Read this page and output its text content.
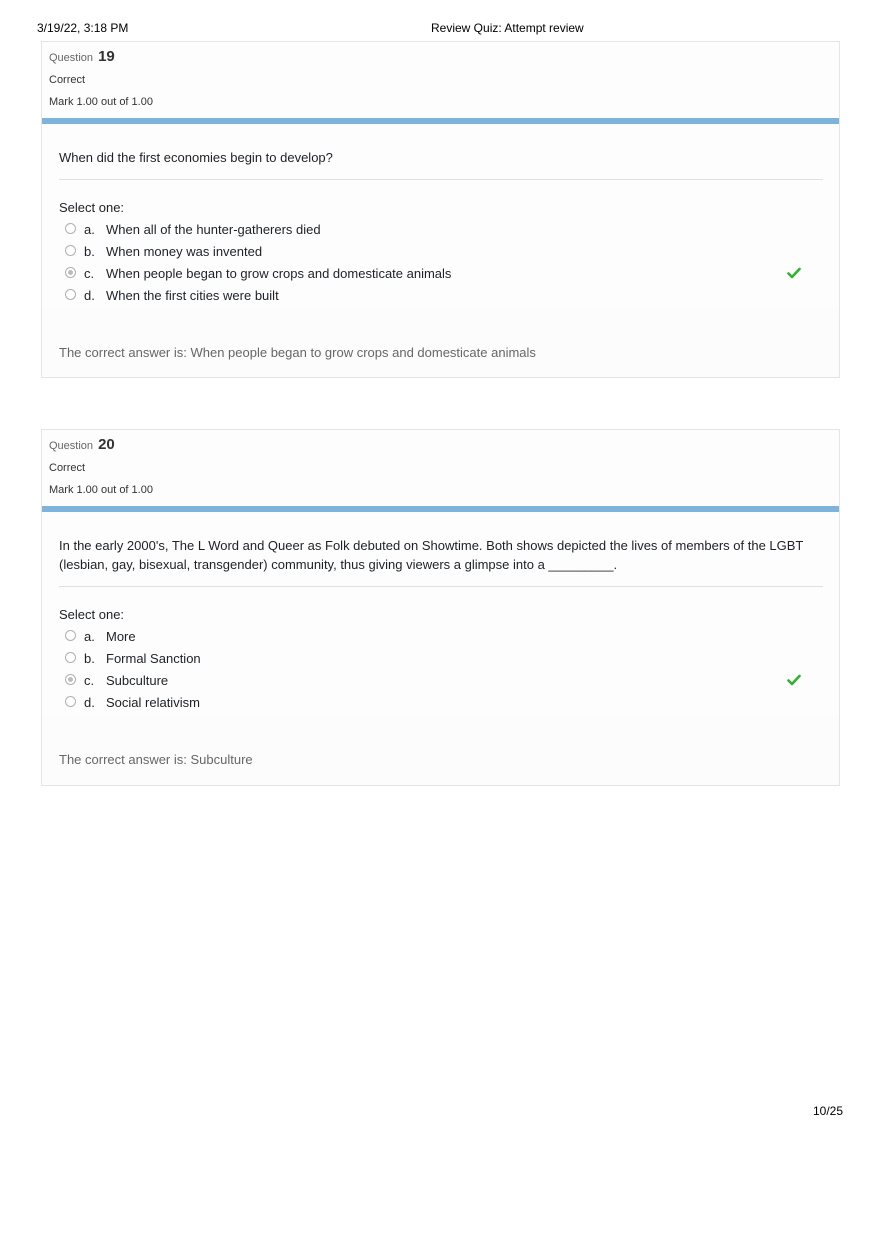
3/19/22, 3:18 PM	Review Quiz: Attempt review
Question 19
Correct
Mark 1.00 out of 1.00
When did the first economies begin to develop?
Select one:
a. When all of the hunter-gatherers died
b. When money was invented
c. When people began to grow crops and domesticate animals
d. When the first cities were built
The correct answer is: When people began to grow crops and domesticate animals
Question 20
Correct
Mark 1.00 out of 1.00
In the early 2000's, The L Word and Queer as Folk debuted on Showtime. Both shows depicted the lives of members of the LGBT (lesbian, gay, bisexual, transgender) community, thus giving viewers a glimpse into a _________.
Select one:
a. More
b. Formal Sanction
c. Subculture
d. Social relativism
The correct answer is: Subculture
10/25
